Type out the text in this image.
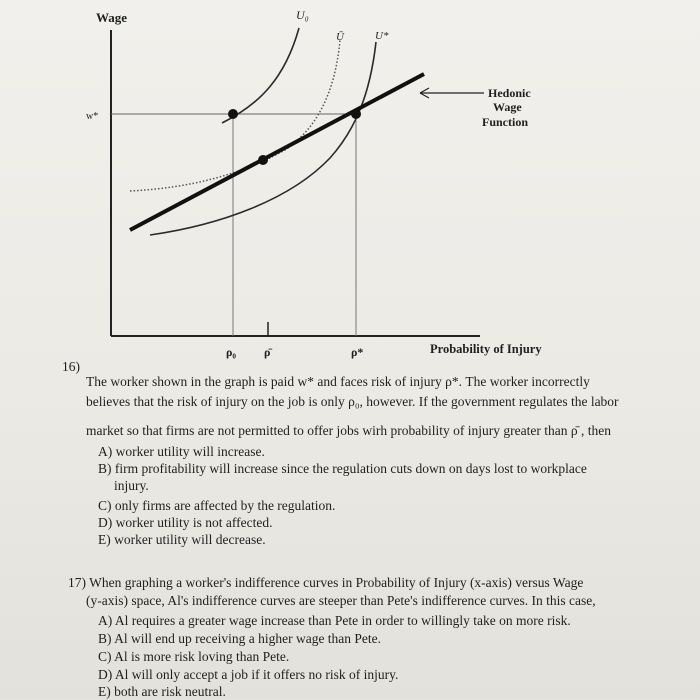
Wage
w*
U₀
Ū	U*
Hedonic
Wage
Function
ρ₀ ρ̄	ρ*	Probability of Injury
16)
The worker shown in the graph is paid w* and faces risk of injury ρ*. The worker incorrectly
believes that the risk of injury on the job is only ρ₀, however. If the government regulates the labor
market so that firms are not permitted to offer jobs wirh probability of injury greater than ρ̄ , then
A) worker utility will increase.
B) firm profitability will increase since the regulation cuts down on days lost to workplace
injury.
C) only firms are affected by the regulation.
D) worker utility is not affected.
E) worker utility will decrease.
17) When graphing a worker's indifference curves in Probability of Injury (x-axis) versus Wage
(y-axis) space, Al's indifference curves are steeper than Pete's indifference curves. In this case,
A) Al requires a greater wage increase than Pete in order to willingly take on more risk.
B) Al will end up receiving a higher wage than Pete.
C) Al is more risk loving than Pete.
D) Al will only accept a job if it offers no risk of injury.
E) both are risk neutral.
